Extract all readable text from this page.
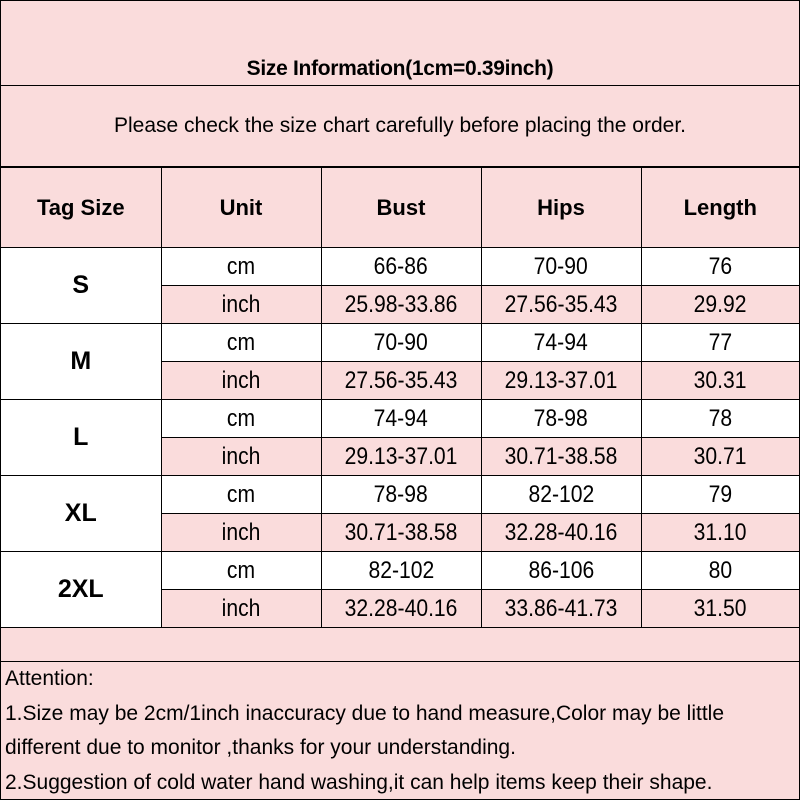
Size Information(1cm=0.39inch)
Please check the size chart carefully before placing the order.
Tag Size	Unit	Bust	Hips	Length
S	cm	66-86	70-90	76
	inch	25.98-33.86	27.56-35.43	29.92
M	cm	70-90	74-94	77
	inch	27.56-35.43	29.13-37.01	30.31
L	cm	74-94	78-98	78
	inch	29.13-37.01	30.71-38.58	30.71
XL	cm	78-98	82-102	79
	inch	30.71-38.58	32.28-40.16	31.10
2XL	cm	82-102	86-106	80
	inch	32.28-40.16	33.86-41.73	31.50
Attention:
1.Size may be 2cm/1inch inaccuracy due to hand measure,Color may be little
different due to monitor ,thanks for your understanding.
2.Suggestion of cold water hand washing,it can help items keep their shape.
